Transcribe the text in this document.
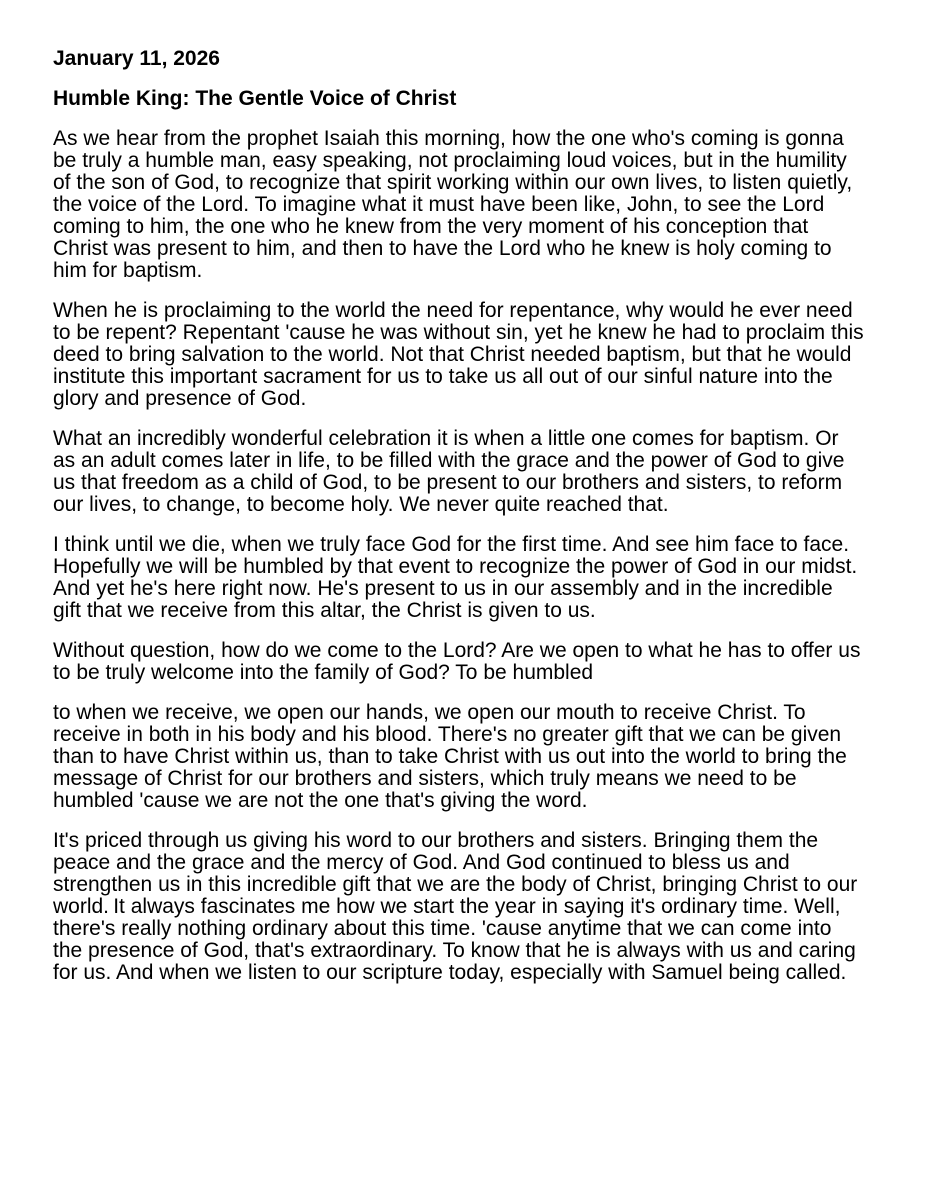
January 11, 2026

Humble King: The Gentle Voice of Christ

As we hear from the prophet Isaiah this morning, how the one who's coming is gonna be truly a humble man, easy speaking, not proclaiming loud voices, but in the humility of the son of God, to recognize that spirit working within our own lives, to listen quietly, the voice of the Lord. To imagine what it must have been like, John, to see the Lord coming to him, the one who he knew from the very moment of his conception that Christ was present to him, and then to have the Lord who he knew is holy coming to him for baptism.

When he is proclaiming to the world the need for repentance, why would he ever need to be repent? Repentant 'cause he was without sin, yet he knew he had to proclaim this deed to bring salvation to the world. Not that Christ needed baptism, but that he would institute this important sacrament for us to take us all out of our sinful nature into the glory and presence of God.

What an incredibly wonderful celebration it is when a little one comes for baptism. Or as an adult comes later in life, to be filled with the grace and the power of God to give us that freedom as a child of God, to be present to our brothers and sisters, to reform our lives, to change, to become holy. We never quite reached that.

I think until we die, when we truly face God for the first time. And see him face to face. Hopefully we will be humbled by that event to recognize the power of God in our midst. And yet he's here right now. He's present to us in our assembly and in the incredible gift that we receive from this altar, the Christ is given to us.

Without question, how do we come to the Lord? Are we open to what he has to offer us to be truly welcome into the family of God? To be humbled

to when we receive, we open our hands, we open our mouth to receive Christ. To receive in both in his body and his blood. There's no greater gift that we can be given than to have Christ within us, than to take Christ with us out into the world to bring the message of Christ for our brothers and sisters, which truly means we need to be humbled 'cause we are not the one that's giving the word.

It's priced through us giving his word to our brothers and sisters. Bringing them the peace and the grace and the mercy of God. And God continued to bless us and strengthen us in this incredible gift that we are the body of Christ, bringing Christ to our world. It always fascinates me how we start the year in saying it's ordinary time. Well, there's really nothing ordinary about this time. 'cause anytime that we can come into the presence of God, that's extraordinary. To know that he is always with us and caring for us. And when we listen to our scripture today, especially with Samuel being called.
